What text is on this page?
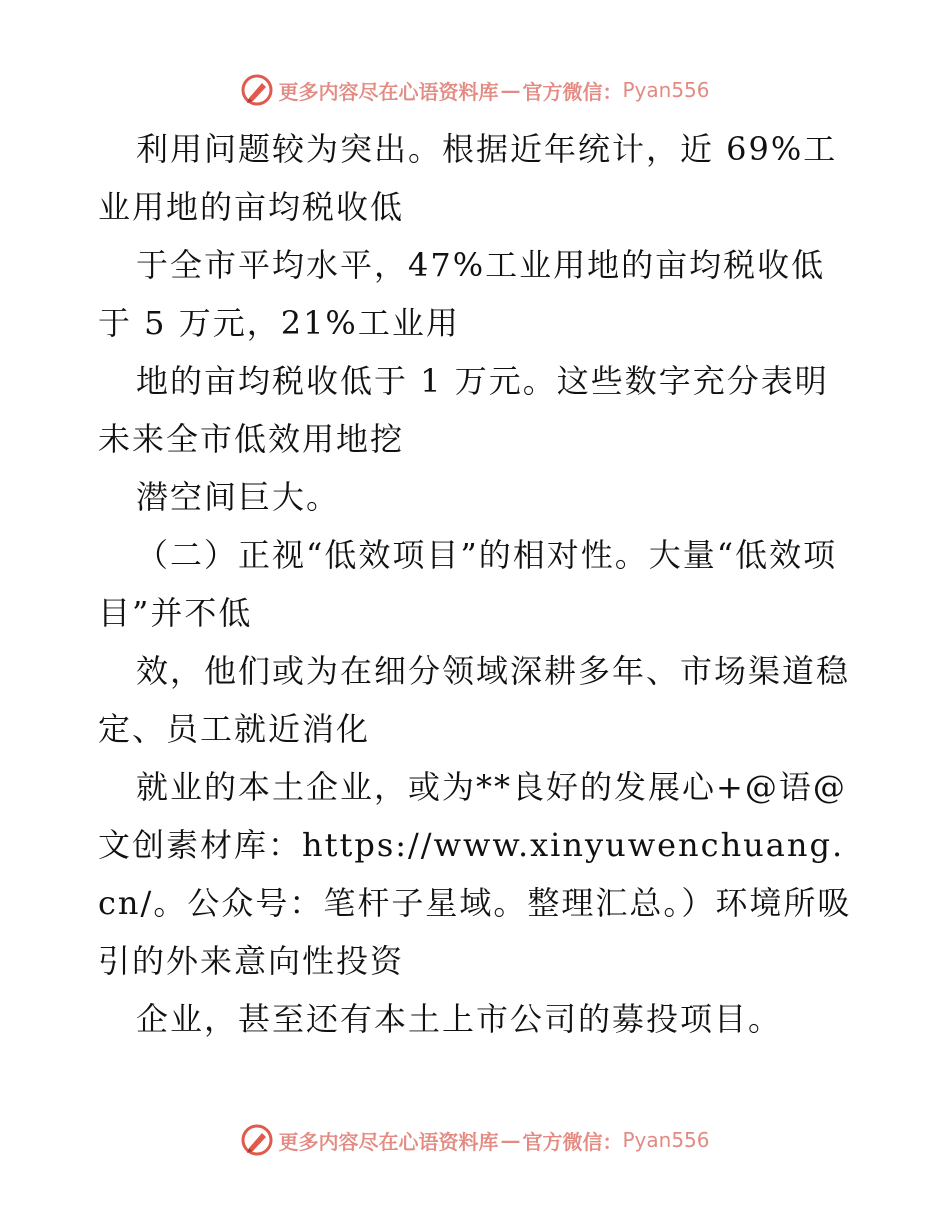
更多内容尽在心语资料库 — 官方微信： Pyan556

利用问题较为突出。根据近年统计，近 69%工业用地的亩均税收低

于全市平均水平，47%工业用地的亩均税收低于 5 万元，21%工业用

地的亩均税收低于 1 万元。这些数字充分表明未来全市低效用地挖

潜空间巨大。

（二）正视“低效项目”的相对性。大量“低效项目”并不低

效，他们或为在细分领域深耕多年、市场渠道稳定、员工就近消化

就业的本土企业，或为**良好的发展心+@语@文创素材库：https://www.xinyuwenchuang.cn/。公众号：笔杆子星域。整理汇总。）环境所吸引的外来意向性投资

企业，甚至还有本土上市公司的募投项目。

更多内容尽在心语资料库 — 官方微信： Pyan556
